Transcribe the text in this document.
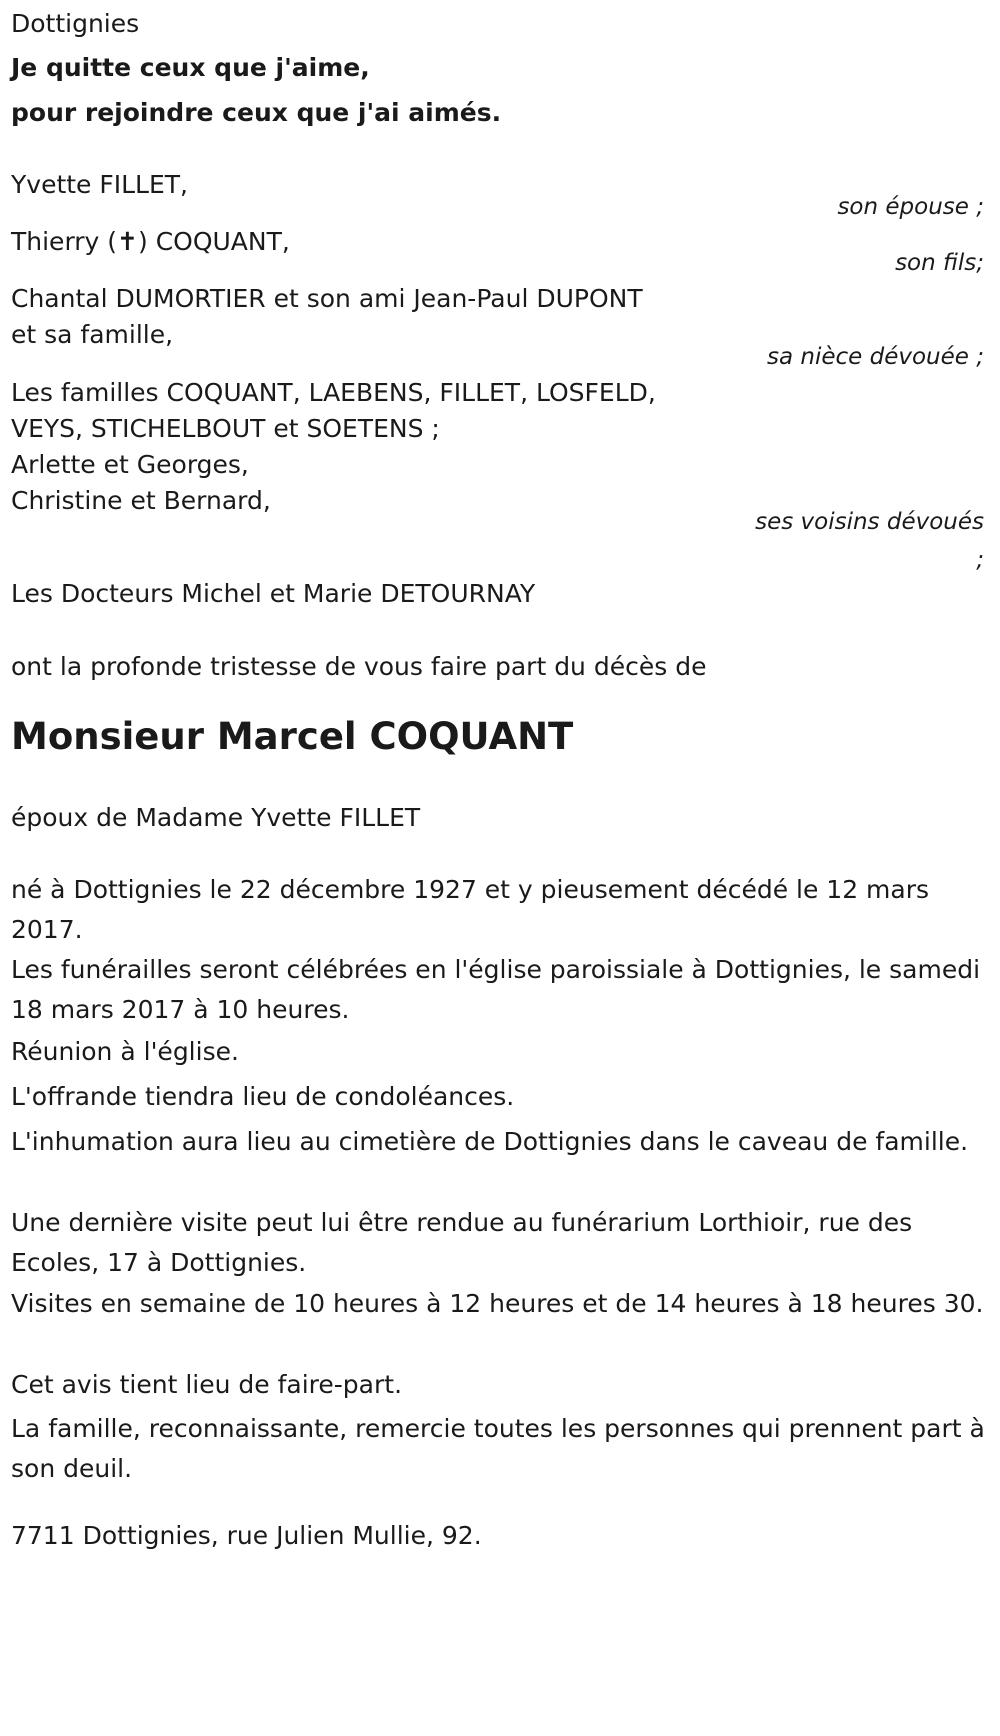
Dottignies
Je quitte ceux que j'aime,
pour rejoindre ceux que j'ai aimés.
Yvette FILLET,
son épouse ;
Thierry (✝) COQUANT,
son fils;
Chantal DUMORTIER et son ami Jean-Paul DUPONT
et sa famille,
sa nièce dévouée ;
Les familles COQUANT, LAEBENS, FILLET, LOSFELD,
VEYS, STICHELBOUT et SOETENS ;
Arlette et Georges,
Christine et Bernard,
ses voisins dévoués
;
Les Docteurs Michel et Marie DETOURNAY
ont la profonde tristesse de vous faire part du décès de
Monsieur Marcel COQUANT
époux de Madame Yvette FILLET
né à Dottignies le 22 décembre 1927 et y pieusement décédé le 12 mars 2017.
Les funérailles seront célébrées en l'église paroissiale à Dottignies, le samedi 18 mars 2017 à 10 heures.
Réunion à l'église.
L'offrande tiendra lieu de condoléances.
L'inhumation aura lieu au cimetière de Dottignies dans le caveau de famille.
Une dernière visite peut lui être rendue au funérarium Lorthioir, rue des Ecoles, 17 à Dottignies.
Visites en semaine de 10 heures à 12 heures et de 14 heures à 18 heures 30.
Cet avis tient lieu de faire-part.
La famille, reconnaissante, remercie toutes les personnes qui prennent part à son deuil.
7711 Dottignies, rue Julien Mullie, 92.
